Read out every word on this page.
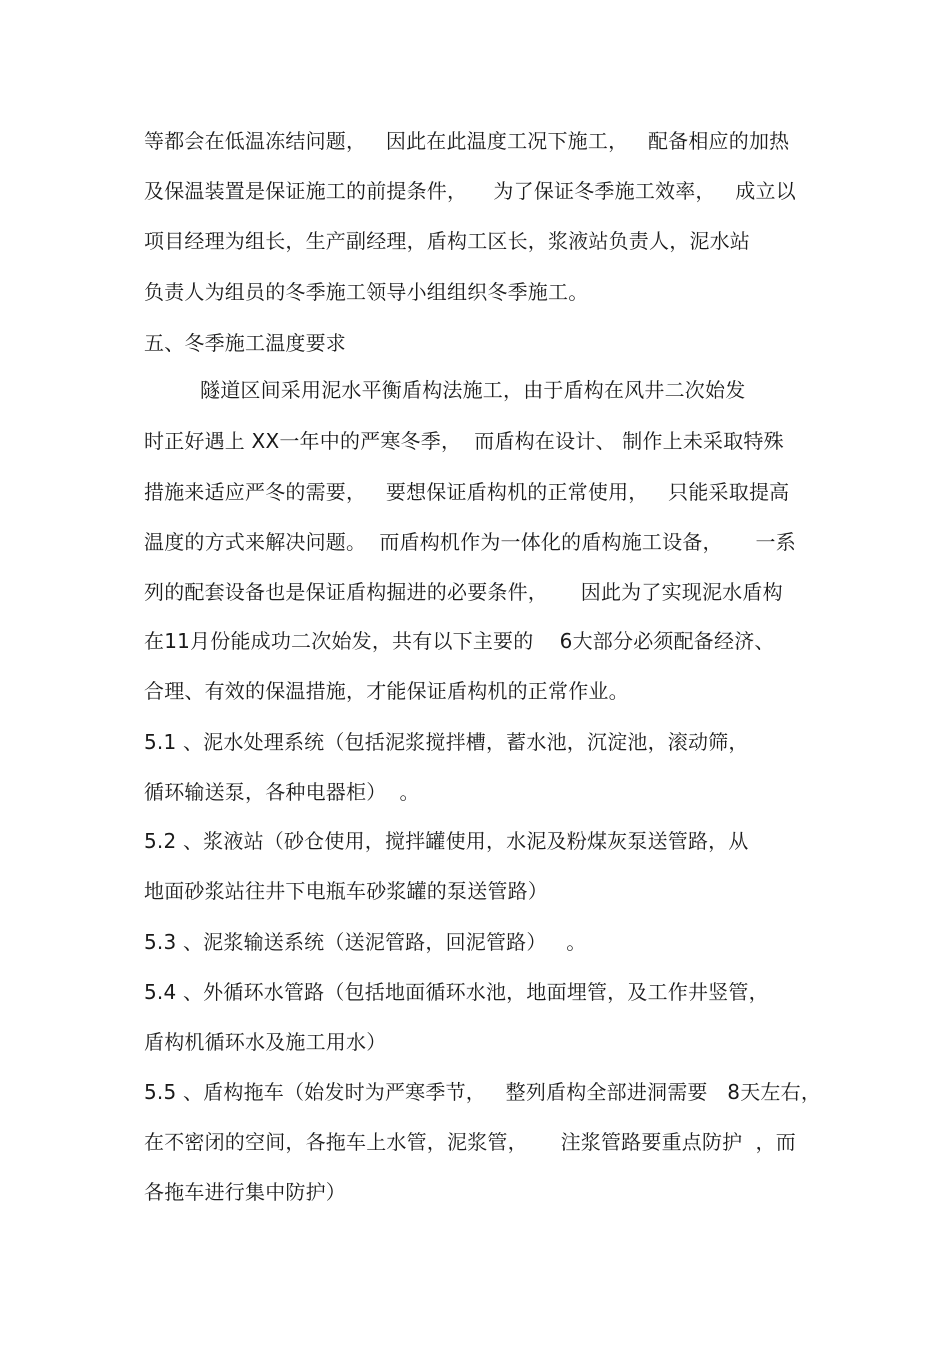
等都会在低温冻结问题，   因此在此温度工况下施工，   配备相应的加热
及保温装置是保证施工的前提条件，    为了保证冬季施工效率，   成立以
项目经理为组长，生产副经理，盾构工区长，浆液站负责人，泥水站
负责人为组员的冬季施工领导小组组织冬季施工。
五、冬季施工温度要求
隧道区间采用泥水平衡盾构法施工，由于盾构在风井二次始发
时正好遇上 XX一年中的严寒冬季，  而盾构在设计、 制作上未采取特殊
措施来适应严冬的需要，   要想保证盾构机的正常使用，   只能采取提高
温度的方式来解决问题。  而盾构机作为一体化的盾构施工设备，     一系
列的配套设备也是保证盾构掘进的必要条件，     因此为了实现泥水盾构
在11月份能成功二次始发，共有以下主要的    6大部分必须配备经济、
合理、有效的保温措施，才能保证盾构机的正常作业。
5.1 、泥水处理系统（包括泥浆搅拌槽，蓄水池，沉淀池，滚动筛，
循环输送泵，各种电器柜）  。
5.2 、浆液站（砂仓使用，搅拌罐使用，水泥及粉煤灰泵送管路，从
地面砂浆站往井下电瓶车砂浆罐的泵送管路）
5.3 、泥浆输送系统（送泥管路，回泥管路）   。
5.4 、外循环水管路（包括地面循环水池，地面埋管，及工作井竖管，
盾构机循环水及施工用水）
5.5 、盾构拖车（始发时为严寒季节，   整列盾构全部进洞需要   8天左右，
在不密闭的空间，各拖车上水管，泥浆管，     注浆管路要重点防护  ，而
各拖车进行集中防护）
